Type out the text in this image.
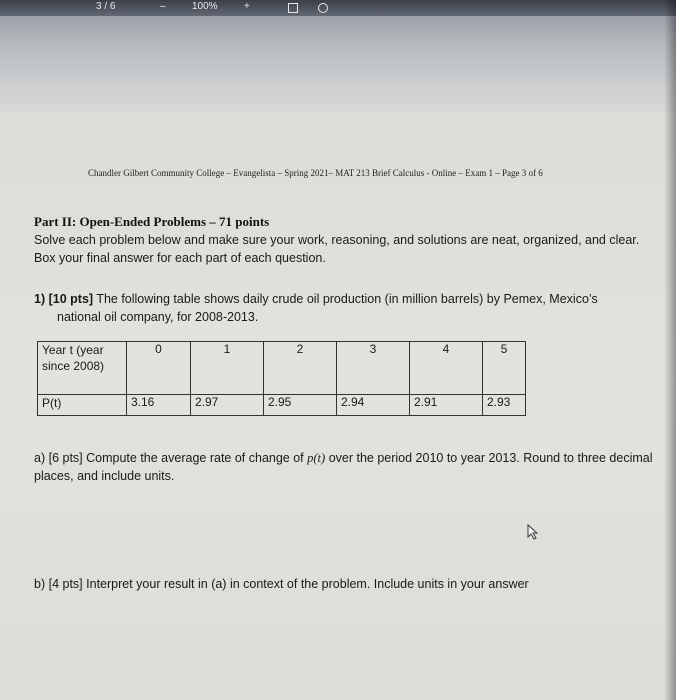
3 / 6	–	100%	+
Chandler Gilbert Community College – Evangelista – Spring 2021– MAT 213 Brief Calculus - Online – Exam 1 – Page 3 of 6
Part II: Open-Ended Problems – 71 points
Solve each problem below and make sure your work, reasoning, and solutions are neat, organized, and clear. Box your final answer for each part of each question.
1) [10 pts] The following table shows daily crude oil production (in million barrels) by Pemex, Mexico’s
national oil company, for 2008-2013.
Year t (year since 2008)	0	1	2	3	4	5
P(t)	3.16	2.97	2.95	2.94	2.91	2.93
a) [6 pts] Compute the average rate of change of p(t) over the period 2010 to year 2013. Round to three decimal places, and include units.
b) [4 pts] Interpret your result in (a) in context of the problem. Include units in your answer
